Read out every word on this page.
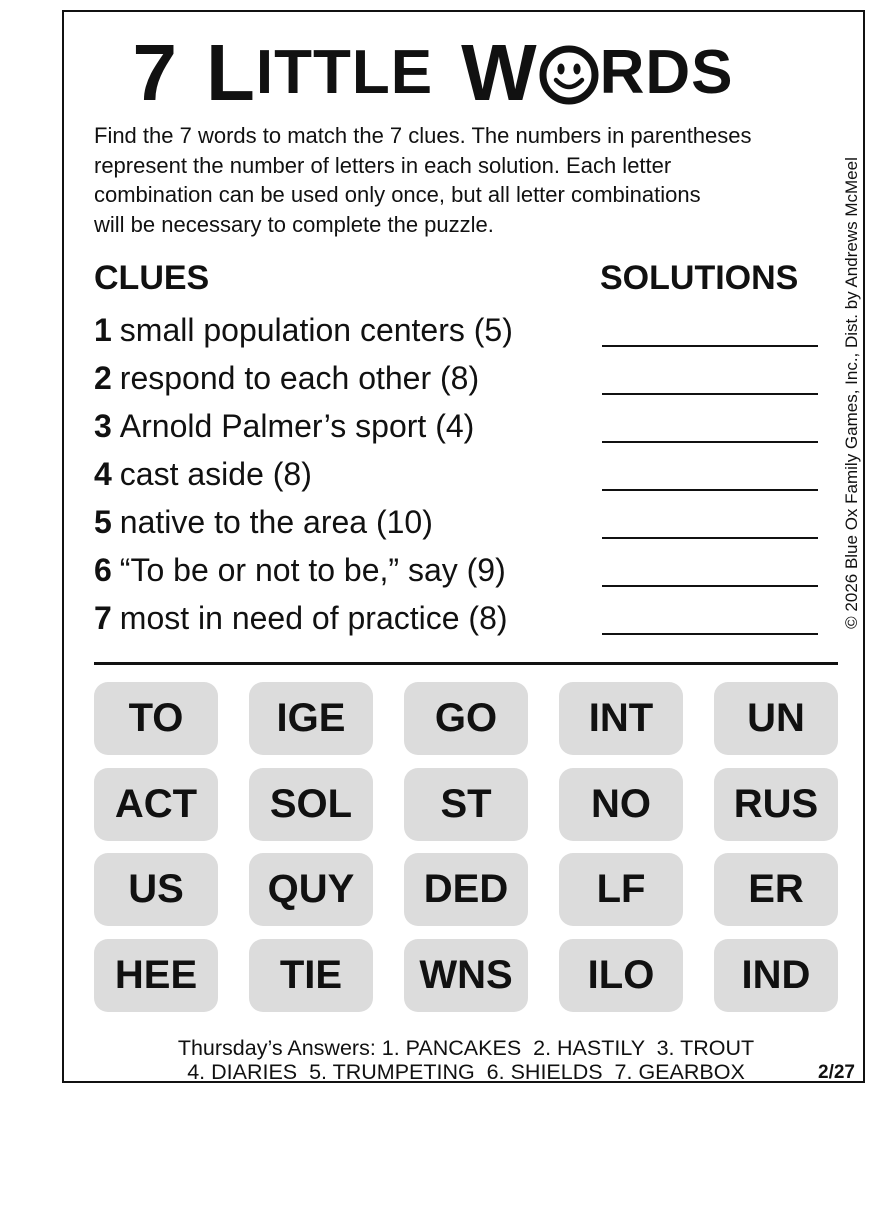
7 L ITTLE W RDS
Find the 7 words to match the 7 clues. The numbers in parentheses
represent the number of letters in each solution. Each letter
combination can be used only once, but all letter combinations
will be necessary to complete the puzzle.	© 2026 Blue Ox Family Games, Inc., Dist. by Andrews McMeel
CLUES	SOLUTIONS
1 small population centers (5)
2 respond to each other (8)
3 Arnold Palmer’s sport (4)
4 cast aside (8)
5 native to the area (10)
6 “To be or not to be,” say (9)
7 most in need of practice (8)
TO	IGE	GO	INT	UN
ACT	SOL	ST	NO	RUS
US	QUY	DED	LF	ER
HEE	TIE	WNS	ILO	IND
Thursday’s Answers: 1. PANCAKES  2. HASTILY  3. TROUT
4. DIARIES  5. TRUMPETING  6. SHIELDS  7. GEARBOX	2/27
